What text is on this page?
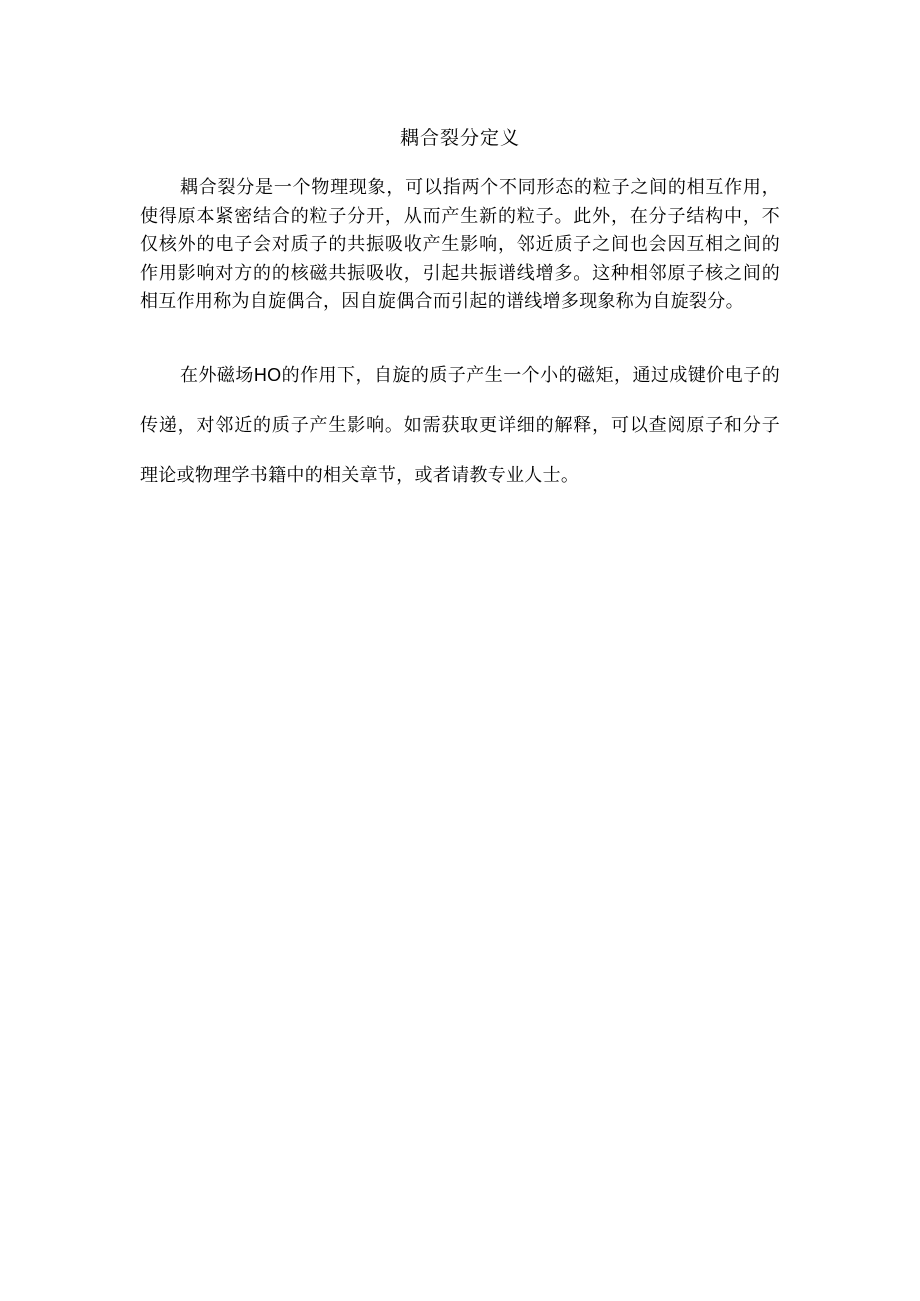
耦合裂分定义

耦合裂分是一个物理现象，可以指两个不同形态的粒子之间的相互作用，使得原本紧密结合的粒子分开，从而产生新的粒子。此外，在分子结构中，不仅核外的电子会对质子的共振吸收产生影响，邻近质子之间也会因互相之间的作用影响对方的的核磁共振吸收，引起共振谱线增多。这种相邻原子核之间的相互作用称为自旋偶合，因自旋偶合而引起的谱线增多现象称为自旋裂分。

在外磁场HO的作用下，自旋的质子产生一个小的磁矩，通过成键价电子的传递，对邻近的质子产生影响。如需获取更详细的解释，可以查阅原子和分子理论或物理学书籍中的相关章节，或者请教专业人士。
